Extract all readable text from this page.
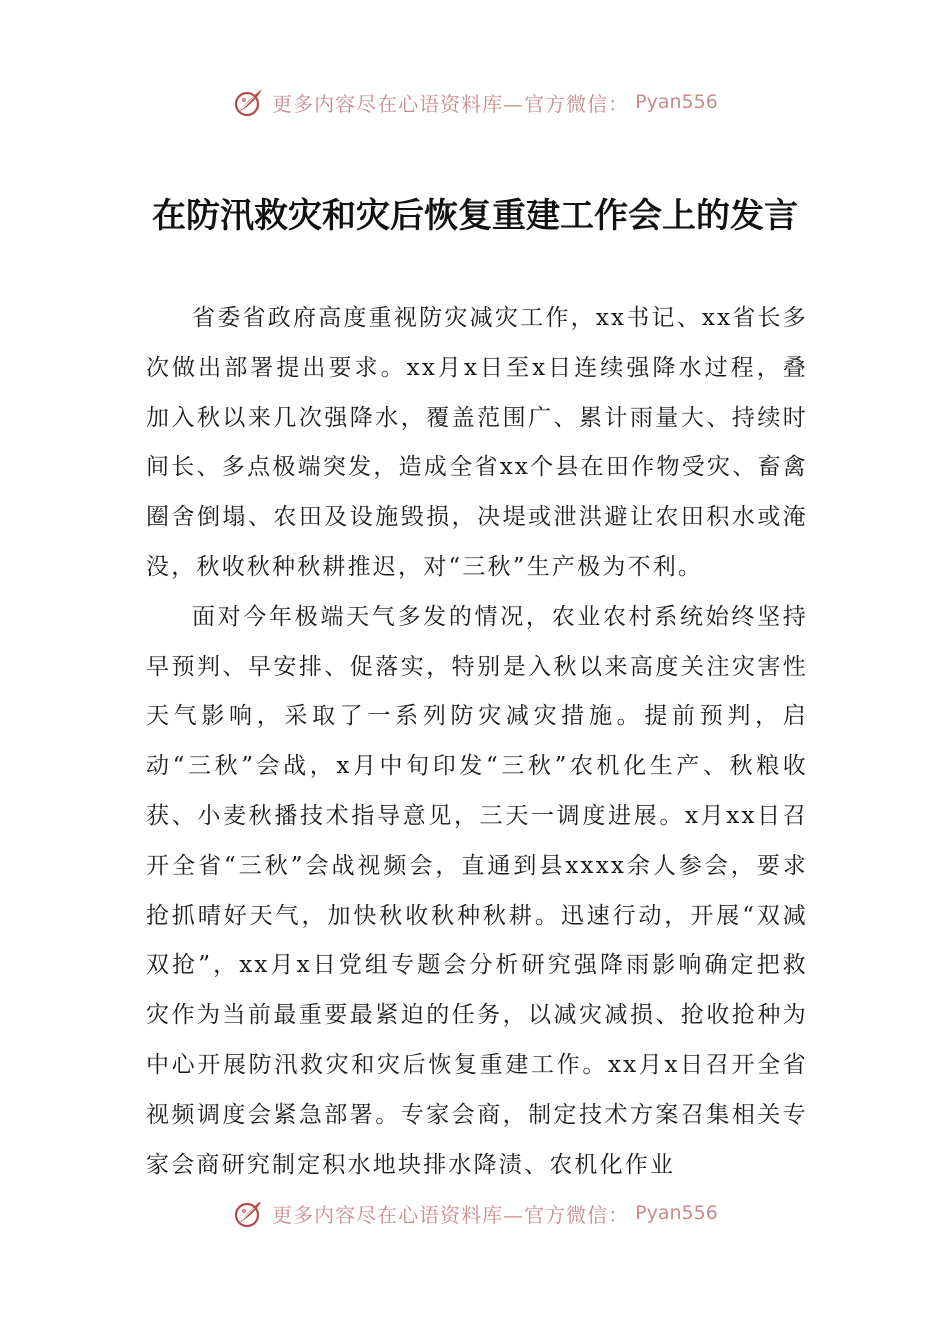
更多内容尽在心语资料库—官方微信： Pyan556
在防汛救灾和灾后恢复重建工作会上的发言

省委省政府高度重视防灾减灾工作，xx书记、xx省长多次做出部署提出要求。xx月x日至x日连续强降水过程，叠加入秋以来几次强降水，覆盖范围广、累计雨量大、持续时间长、多点极端突发，造成全省xx个县在田作物受灾、畜禽圈舍倒塌、农田及设施毁损，决堤或泄洪避让农田积水或淹没，秋收秋种秋耕推迟，对“三秋”生产极为不利。

面对今年极端天气多发的情况，农业农村系统始终坚持早预判、早安排、促落实，特别是入秋以来高度关注灾害性天气影响，采取了一系列防灾减灾措施。提前预判，启动“三秋”会战，x月中旬印发“三秋”农机化生产、秋粮收获、小麦秋播技术指导意见，三天一调度进展。x月xx日召开全省“三秋”会战视频会，直通到县xxxx余人参会，要求抢抓晴好天气，加快秋收秋种秋耕。迅速行动，开展“双减双抢”，xx月x日党组专题会分析研究强降雨影响确定把救灾作为当前最重要最紧迫的任务，以减灾减损、抢收抢种为中心开展防汛救灾和灾后恢复重建工作。xx月x日召开全省视频调度会紧急部署。专家会商，制定技术方案召集相关专家会商研究制定积水地块排水降渍、农机化作业

更多内容尽在心语资料库—官方微信： Pyan556
